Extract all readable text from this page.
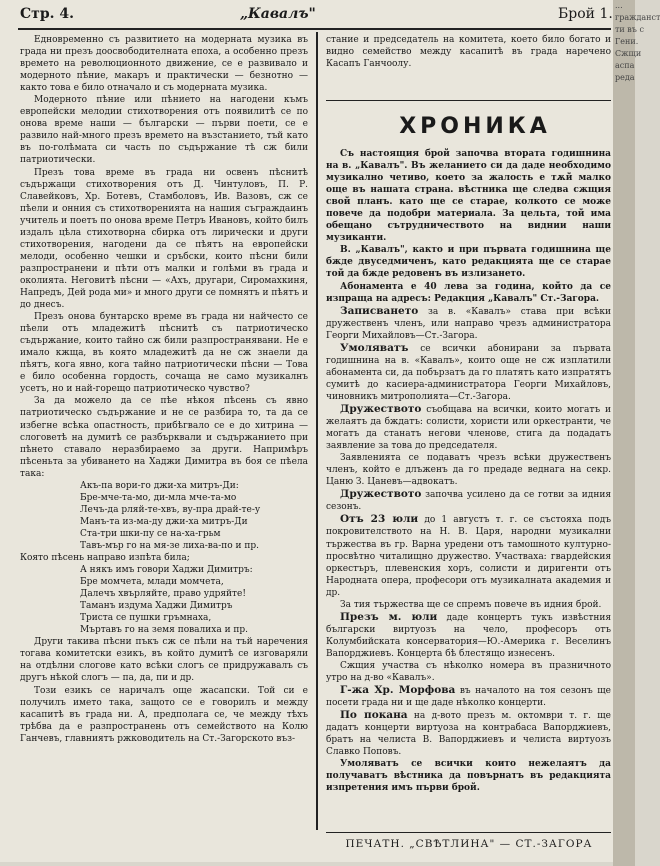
Стр. 4.	„Кавалъ"	Брой 1.

Едновременно съ развитието на модерната музика въ града ни презъ доосвободителната епоха, а особенно презъ времето на революционното движение, се е развивало и модерното пѣние, макаръ и практически — безнотно — както това е било отначало и съ модерната музика.

Модерното пѣние или пѣнието на нагодени къмъ европейски мелодии стихотворения отъ появилитѣ се по онова време наши — български — първи поети, се е развило най-много презъ времето на възстанието, тъй като въ по-голѣмата си часть по съдържание тѣ сж били патриотически.

Презъ това време въ града ни освенъ пѣснитѣ съдържащи стихотворения отъ Д. Чинтуловъ, П. Р. Славейковъ, Хр. Ботевъ, Стамболовъ, Ив. Вазовъ, сж се пѣели и онния съ стихотворенията на нашия съграждаинъ учитель и поетъ по онова време Петръ Ивановъ, който билъ издалъ цѣла стихотворна сбирка отъ лирически и други стихотворения, нагодени да се пѣятъ на европейски мелоди, особенно чешки и сръбски, които пѣсни били разпространени и пѣти отъ малки и голѣми въ града и околията. Неговитѣ пѣсни — «Ахъ, другари, Сиромахкиня, Напредъ, Дей рода ми» и много други се помнятъ и пѣятъ и до днесъ.

Презъ онова бунтарско време въ града ни найчесто се пѣели отъ младежитѣ пѣснитѣ съ патриотическо съдържание, които тайно сж били разпространявани. Не е имало кжща, въ която младежитѣ да не сж знаели да пѣятъ, кога явно, кога тайно патриотически пѣсни — Това е било особенна гордость, сочаща не само музикалнъ усетъ, но и най-горещо патриотическо чувство?

За да можело да се пѣе нѣкоя пѣсень съ явно патриотическо съдържание и не се разбира то, та да се избегне всѣка опастность, прибѣгвало се е до хитрина — слоговетѣ на думитѣ се разбърквали и съдържанието при пѣнето ставало неразбираемо за други. Напримѣръ пѣсеньта за убиването на Хаджи Димитра въ боя се пѣела така:

Акъ-па вори-го джи-ха митръ-Ди:
Бре-мче-та-мо, ди-мла мче-та-мо
Лечъ-да рляй-те-хвъ, ву-пра драй-те-у
Манъ-та из-ма-ду джи-ха митръ-Ди
Ста-три шки-пу се на-ха-грьм
Тавъ-мър го на мя-зе лиха-ва-по и пр.

Която пѣсень направо изпѣта била;

А някъ имъ говори Хаджи Димитръ:
Бре момчета, млади момчета,
Далечъ хвърляйте, право удряйте!
Таманъ издума Хаджи Димитръ
Триста се пушки гръмнаха,
Мъртавъ го на земя повалиха и пр.

Други такива пѣсни пъкъ сж се пѣли на тъй наречения тогава комитетски езикъ, въ който думитѣ се изговаряли на отдѣлни слогове като всѣки слогъ се придружавалъ съ другъ нѣкой слогъ — па, да, пи и др.

Този езикъ се наричалъ още жасапски. Той си е получилъ името така, защото се е говорилъ и между касапитѣ въ града ни. А, предполага се, че между тѣхъ трѣбва да е разпространень отъ семейството на Колю Ганчевъ, главниятъ ржководитель на Ст.-Загорското въз-

стание и председатель на комитета, което било богато и видно семейство между касапитѣ въ града наречено Касапъ Ганчоолу.

ХРОНИКА

Съ настоящия брой започва втората годишнина на в. „Кавалъ". Въ желанието си да даде необходимо музикално четиво, което за жалость е тѫй малко още въ нашата страна. вѣстника ще следва сжщия свой планъ. като ще се старае, колкото се може повече да подобри материала. За цельта, той има обещано сътрудничеството на виднии наши музиканти.

В. „Кавалъ", както и при първата годишнина ще бжде двуседмиченъ, като редакцията ще се старае той да бжде редовенъ въ излизането.

Абонамента е 40 лева за година, който да се изпраща на адресъ: Редакция „Кавалъ" Ст.-Загора.

Записването за в. «Кавалъ» става при всѣки дружественъ членъ, или направо чрезъ администратора Георги Михайловъ—Ст.-Загора.

Умоляватъ се всички абонирани за първата годишнина на в. «Кавалъ», които още не сж изплатили абонамента си, да побързатъ да го платятъ като изпратятъ сумитѣ до касиера-администратора Георги Михайловъ, чиновникъ митрополията—Ст.-Загора.

Дружеството съобщава на всички, които могатъ и желаятъ да бждатъ: солисти, хористи или оркестранти, че могатъ да станатъ негови членове, стига да подадатъ заявление за това до председателя.

Заявленията се подаватъ чрезъ всѣки дружественъ членъ, който е длъженъ да го предаде веднага на секр. Цаню З. Цаневъ—адвокатъ.

Дружеството започва усилено да се готви за идния сезонъ.

Отъ 23 юли до 1 августъ т. г. се състояха подъ покровителството на Н. В. Царя, народни музикални тържества въ гр. Варна уредени отъ тамошното културно-просвѣтно читалищно дружество. Участваха: гвардейския оркестъръ, плевенския хоръ, солисти и диригенти отъ Народната опера, професори отъ музикалната академия и др.

За тия тържества ще се спремъ повече въ идния брой.

Презъ м. юли даде концертъ тукъ извѣстния български виртуозъ на чело, професоръ отъ Колумбийската консерватория—Ю.-Америка г. Веселинъ Вапорджиевъ. Концерта бѣ блестящо изнесенъ.

Сжщия участва съ нѣколко номера въ празничното утро на д-во «Кавалъ».

Г-жа Хр. Морфова въ началото на тоя сезонъ ще посети града ни и ще даде нѣколко концерти.

По покана на д-вото презъ м. октомври т. г. ще дадатъ концерти виртуоза на контрабаса Вапорджиевъ, братъ на челиста В. Вапорджиевъ и челиста виртуозъ Славко Поповъ.

Умоляватъ се всички които нежелаятъ да получаватъ вѣстника да повърнатъ въ редакцията изпретения имъ първи брой.

ПЕЧАТН. „СВѢТЛИНА" — СТ.-ЗАГОРА
...
гражданст
ти въ с
Гени.
Сжщи
аспа
реда
